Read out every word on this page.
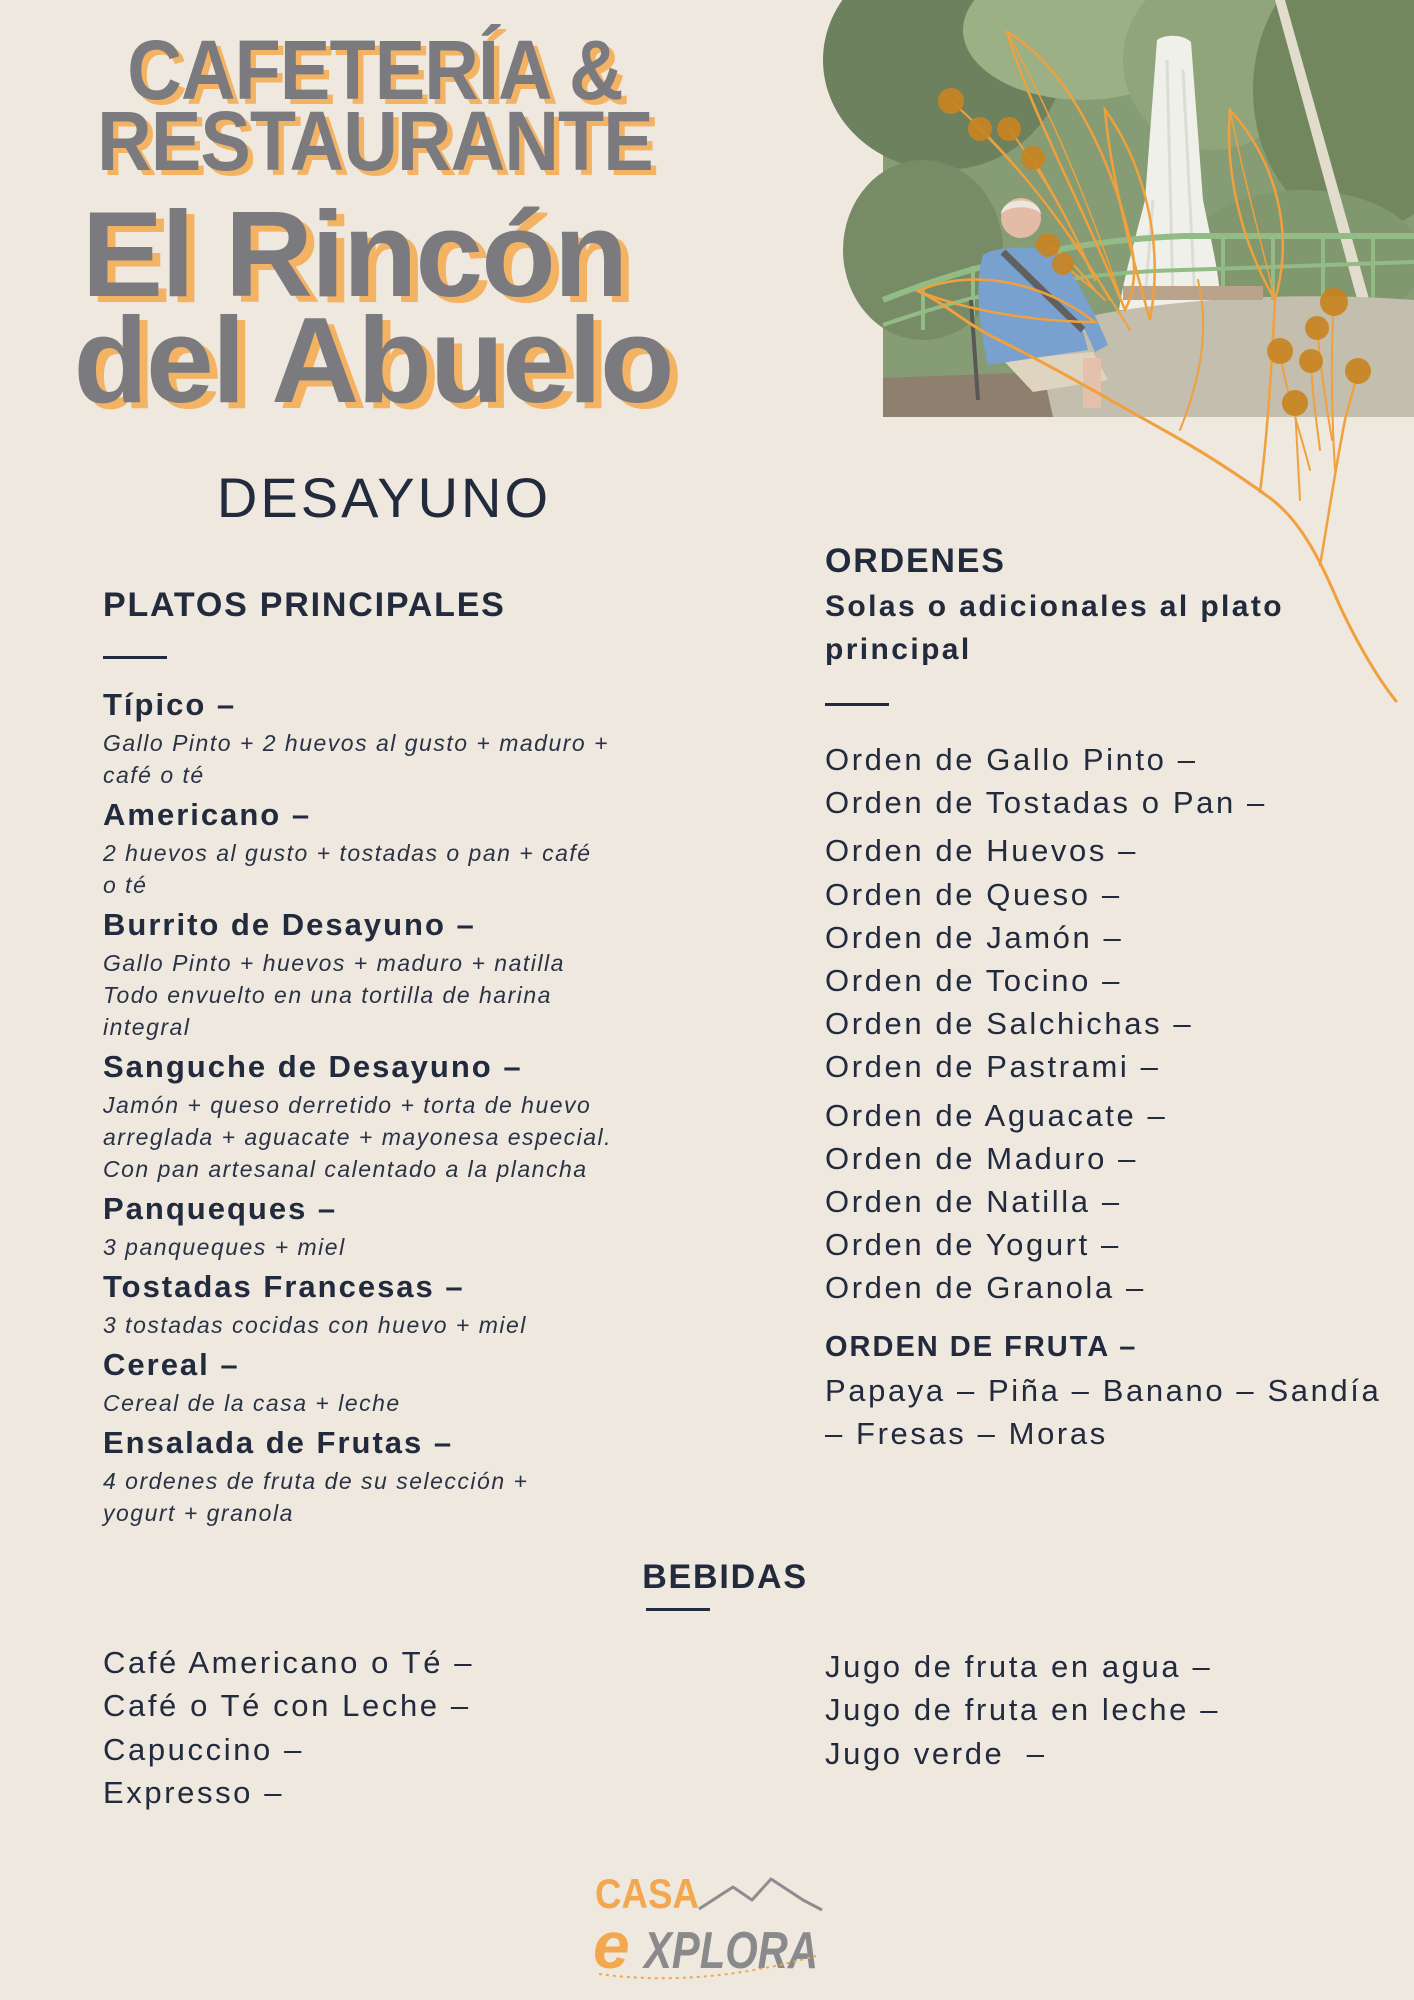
CAFETERÍA &
RESTAURANTE
El Rincón
del Abuelo
DESAYUNO
PLATOS PRINCIPALES
Típico –
Gallo Pinto + 2 huevos al gusto + maduro +
café o té
Americano –
2 huevos al gusto + tostadas o pan + café
o té
Burrito de Desayuno –
Gallo Pinto + huevos + maduro + natilla
Todo envuelto en una tortilla de harina
integral
Sanguche de Desayuno –
Jamón + queso derretido + torta de huevo
arreglada + aguacate + mayonesa especial.
Con pan artesanal calentado a la plancha
Panqueques –
3 panqueques + miel
Tostadas Francesas –
3 tostadas cocidas con huevo + miel
Cereal –
Cereal de la casa + leche
Ensalada de Frutas –
4 ordenes de fruta de su selección +
yogurt + granola
ORDENES
Solas o adicionales al plato
principal
Orden de Gallo Pinto –
Orden de Tostadas o Pan –
Orden de Huevos –
Orden de Queso –
Orden de Jamón –
Orden de Tocino –
Orden de Salchichas –
Orden de Pastrami –
Orden de Aguacate –
Orden de Maduro –
Orden de Natilla –
Orden de Yogurt –
Orden de Granola –
ORDEN DE FRUTA –
Papaya – Piña – Banano – Sandía
– Fresas – Moras
BEBIDAS
Café Americano o Té –
Café o Té con Leche –
Capuccino –
Expresso –
Jugo de fruta en agua –
Jugo de fruta en leche –
Jugo verde  –
CASA
e XPLORA
